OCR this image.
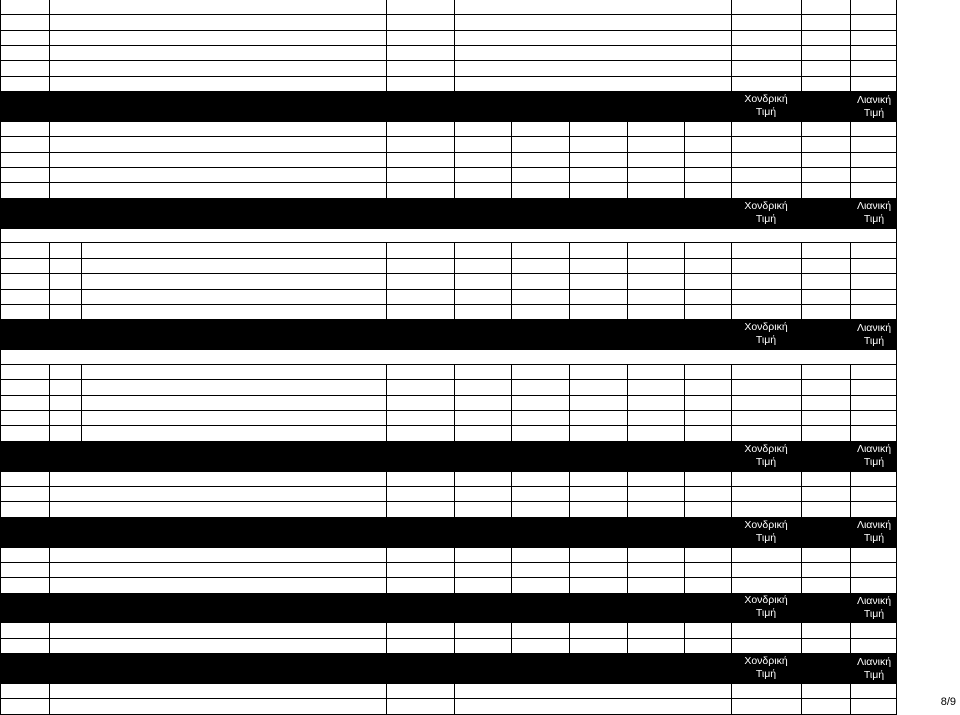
Χονδρική
Τιμή
Λιανική
Τιμή
Χονδρική
Τιμή
Λιανική
Τιμή
Χονδρική
Τιμή
Λιανική
Τιμή
Χονδρική
Τιμή
Λιανική
Τιμή
Χονδρική
Τιμή
Λιανική
Τιμή
Χονδρική
Τιμή
Λιανική
Τιμή
Χονδρική
Τιμή
Λιανική
Τιμή
8/9
